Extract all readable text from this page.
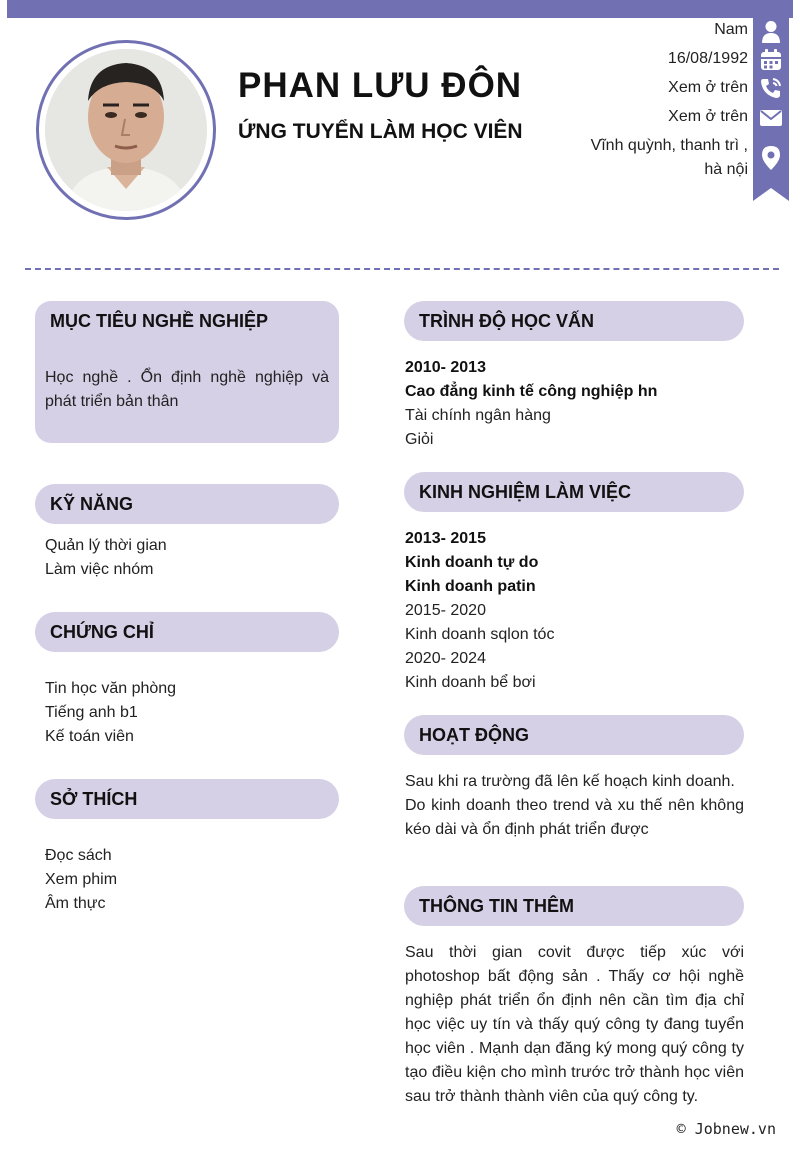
PHAN LƯU ĐÔN
ỨNG TUYỂN LÀM HỌC VIÊN
Nam
16/08/1992
Xem ở trên
Xem ở trên
Vĩnh quỳnh, thanh trì ,
hà nội
MỤC TIÊU NGHỀ NGHIỆP
Học nghề . Ổn định nghề nghiệp và phát triển bản thân
KỸ NĂNG
Quản lý thời gian
Làm việc nhóm
CHỨNG CHỈ
Tin học văn phòng
Tiếng anh b1
Kế toán viên
SỞ THÍCH
Đọc sách
Xem phim
Âm thực
TRÌNH ĐỘ HỌC VẤN
2010- 2013
Cao đẳng kinh tế công nghiệp hn
Tài chính ngân hàng
Giỏi
KINH NGHIỆM LÀM VIỆC
2013- 2015
Kinh doanh tự do
Kinh doanh patin
2015- 2020
Kinh doanh sqlon tóc
2020- 2024
Kinh doanh bể bơi
HOẠT ĐỘNG
Sau khi ra trường đã lên kế hoạch kinh doanh.
Do kinh doanh theo trend và xu thế nên không kéo dài và ổn định phát triển được
THÔNG TIN THÊM
Sau thời gian covit được tiếp xúc với photoshop bất động sản . Thấy cơ hội nghề nghiệp phát triển ổn định nên cần tìm địa chỉ học việc uy tín và thấy quý công ty đang tuyển học viên . Mạnh dạn đăng ký mong quý công ty tạo điều kiện cho mình trước trở thành học viên sau trở thành thành viên của quý công ty.
© Jobnew.vn
